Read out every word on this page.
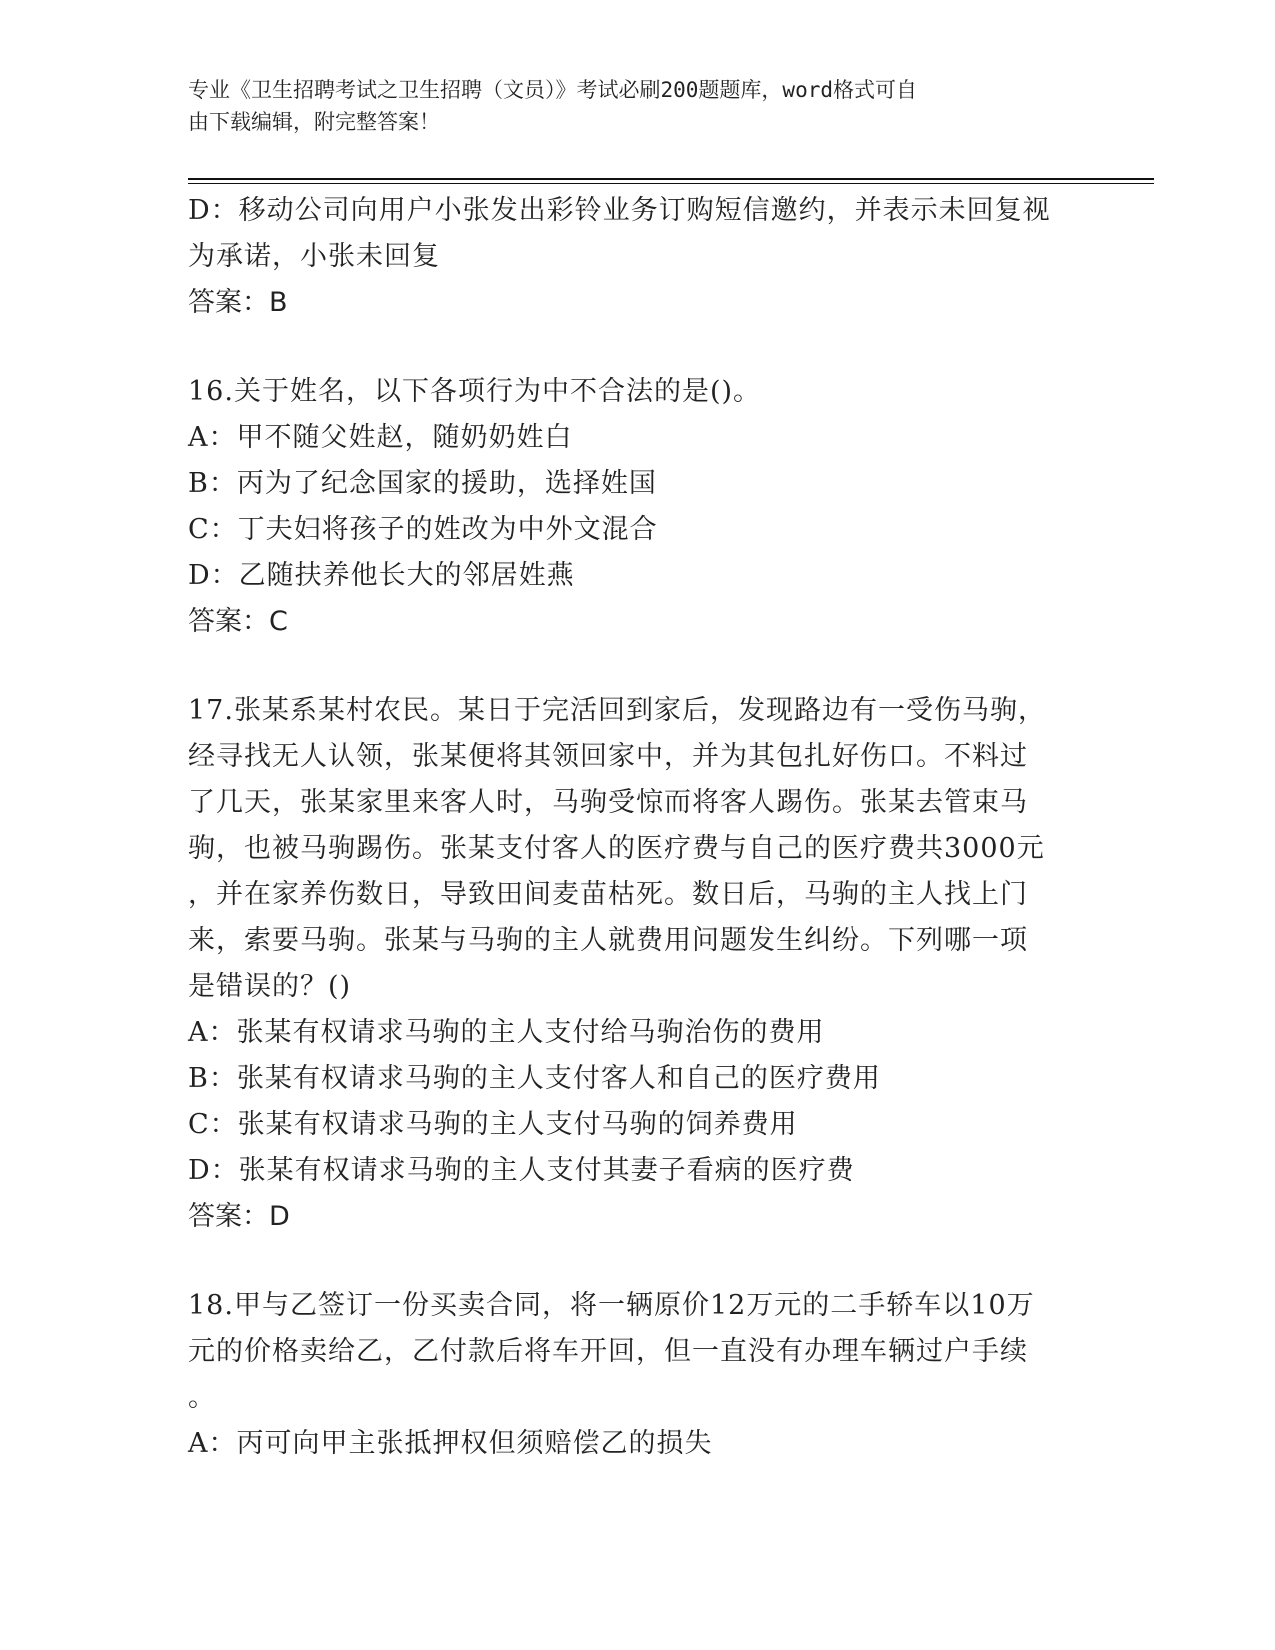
专业《卫生招聘考试之卫生招聘（文员）》考试必刷200题题库，word格式可自
由下载编辑，附完整答案！
D：移动公司向用户小张发出彩铃业务订购短信邀约，并表示未回复视
为承诺，小张未回复
答案：B
16.关于姓名，以下各项行为中不合法的是()。
A：甲不随父姓赵，随奶奶姓白
B：丙为了纪念国家的援助，选择姓国
C：丁夫妇将孩子的姓改为中外文混合
D：乙随扶养他长大的邻居姓燕
答案：C
17.张某系某村农民。某日于完活回到家后，发现路边有一受伤马驹，
经寻找无人认领，张某便将其领回家中，并为其包扎好伤口。不料过
了几天，张某家里来客人时，马驹受惊而将客人踢伤。张某去管束马
驹，也被马驹踢伤。张某支付客人的医疗费与自己的医疗费共3000元
，并在家养伤数日，导致田间麦苗枯死。数日后，马驹的主人找上门
来，索要马驹。张某与马驹的主人就费用问题发生纠纷。下列哪一项
是错误的？()
A：张某有权请求马驹的主人支付给马驹治伤的费用
B：张某有权请求马驹的主人支付客人和自己的医疗费用
C：张某有权请求马驹的主人支付马驹的饲养费用
D：张某有权请求马驹的主人支付其妻子看病的医疗费
答案：D
18.甲与乙签订一份买卖合同，将一辆原价12万元的二手轿车以10万
元的价格卖给乙，乙付款后将车开回，但一直没有办理车辆过户手续
。
A：丙可向甲主张抵押权但须赔偿乙的损失
